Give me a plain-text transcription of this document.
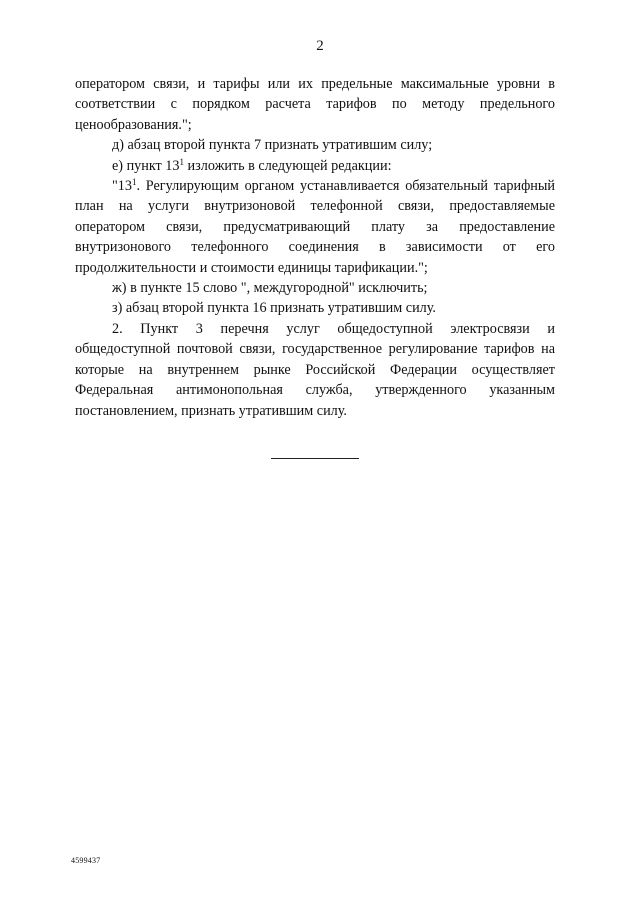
2

оператором связи, и тарифы или их предельные максимальные уровни в соответствии с порядком расчета тарифов по методу предельного ценообразования.";

д) абзац второй пункта 7 признать утратившим силу;

е) пункт $13^1$ изложить в следующей редакции:

"$13^1$. Регулирующим органом устанавливается обязательный тарифный план на услуги внутризоновой телефонной связи, предоставляемые оператором связи, предусматривающий плату за предоставление внутризонового телефонного соединения в зависимости от его продолжительности и стоимости единицы тарификации.";

ж) в пункте 15 слово ", междугородной" исключить;

з) абзац второй пункта 16 признать утратившим силу.

2. Пункт 3 перечня услуг общедоступной электросвязи и общедоступной почтовой связи, государственное регулирование тарифов на которые на внутреннем рынке Российской Федерации осуществляет Федеральная антимонопольная служба, утвержденного указанным постановлением, признать утратившим силу.

4599437
